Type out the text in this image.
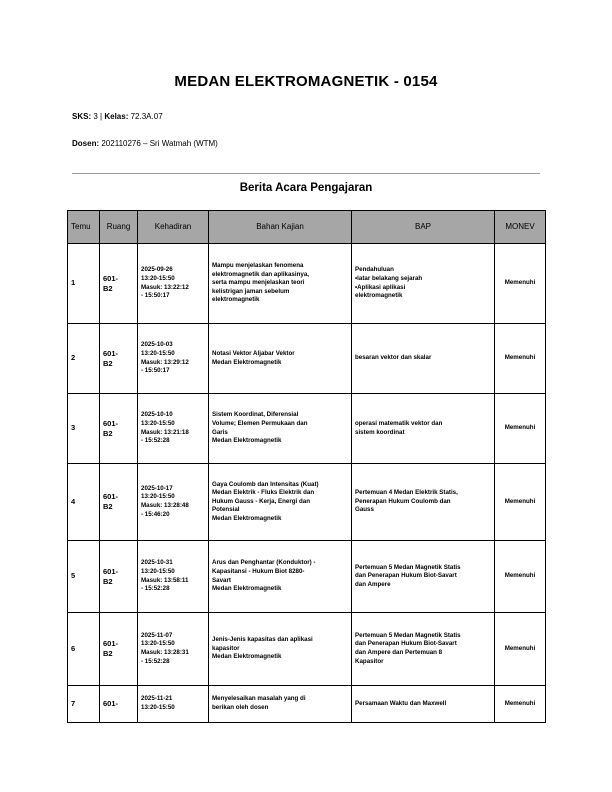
MEDAN ELEKTROMAGNETIK - 0154
SKS: 3 | Kelas: 72.3A.07
Dosen: 202110276 – Sri Watmah (WTM)
Berita Acara Pengajaran
Temu	Ruang	Kehadiran	Bahan Kajian	BAP	MONEV
1	601-
B2	2025-09-26
13:20-15:50
Masuk: 13:22:12
- 15:50:17	Mampu menjelaskan fenomena
elektromagnetik dan aplikasinya,
serta mampu menjelaskan teori
kelistrigan jaman sebelum
elektromagnetik	Pendahuluan
•latar belakang sejarah
•Aplikasi aplikasi
elektromagnetik	Memenuhi
2	601-
B2	2025-10-03
13:20-15:50
Masuk: 13:29:12
- 15:50:17	Notasi Vektor Aljabar Vektor
Medan Elektromagnetik	besaran vektor dan skalar	Memenuhi
3	601-
B2	2025-10-10
13:20-15:50
Masuk: 13:21:18
- 15:52:28	Sistem Koordinat, Diferensial
Volume; Elemen Permukaan dan
Garis
Medan Elektromagnetik	operasi matematik vektor dan
sistem koordinat	Memenuhi
4	601-
B2	2025-10-17
13:20-15:50
Masuk: 13:28:48
- 15:46:20	Gaya Coulomb dan Intensitas (Kuat)
Medan Elektrik - Fluks Elektrik dan
Hukum Gauss - Kerja, Energi dan
Potensial
Medan Elektromagnetik	Pertemuan 4 Medan Elektrik Statis,
Penerapan Hukum Coulomb dan
Gauss	Memenuhi
5	601-
B2	2025-10-31
13:20-15:50
Masuk: 13:58:11
- 15:52:28	Arus dan Penghantar (Konduktor) -
Kapasitansi - Hukum Biot 8280-
Savart
Medan Elektromagnetik	Pertemuan 5 Medan Magnetik Statis
dan Penerapan Hukum Biot-Savart
dan Ampere	Memenuhi
6	601-
B2	2025-11-07
13:20-15:50
Masuk: 13:28:31
- 15:52:28	Jenis-Jenis kapasitas dan aplikasi
kapasitor
Medan Elektromagnetik	Pertemuan 5 Medan Magnetik Statis
dan Penerapan Hukum Biot-Savart
dan Ampere dan Pertemuan 8
Kapasitor	Memenuhi
7	601-	2025-11-21
13:20-15:50	Menyelesaikan masalah yang di
berikan oleh dosen	Persamaan Waktu dan Maxwell	Memenuhi
